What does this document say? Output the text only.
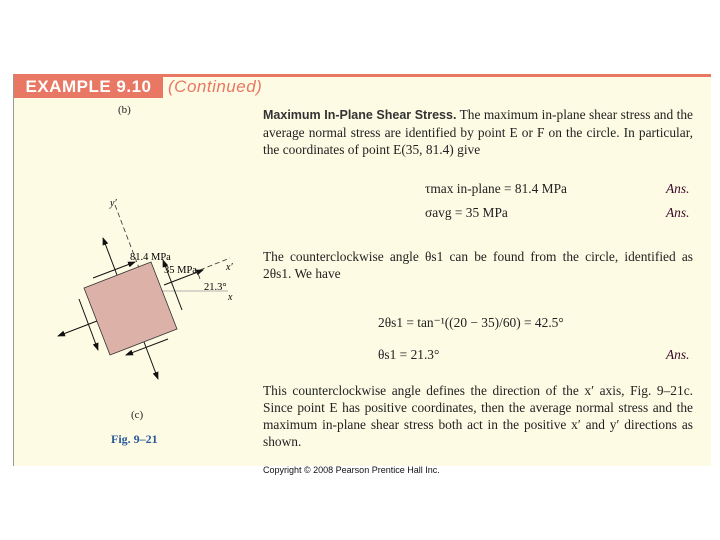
EXAMPLE 9.10 (Continued)
(b)
y′
x′
x
81.4 MPa
35 MPa
21.3°
(c)
Fig. 9–21
Maximum In-Plane Shear Stress. The maximum in-plane shear stress and the average normal stress are identified by point E or F on the circle. In particular, the coordinates of point E(35, 81.4) give
τmax in-plane = 81.4 MPa	Ans.
σavg = 35 MPa	Ans.
The counterclockwise angle θs1 can be found from the circle, identified as 2θs1. We have
2θs1 = tan⁻¹((20 − 35)/60) = 42.5°
θs1 = 21.3°	Ans.
This counterclockwise angle defines the direction of the x′ axis, Fig. 9–21c. Since point E has positive coordinates, then the average normal stress and the maximum in-plane shear stress both act in the positive x′ and y′ directions as shown.
Copyright © 2008 Pearson Prentice Hall Inc.
